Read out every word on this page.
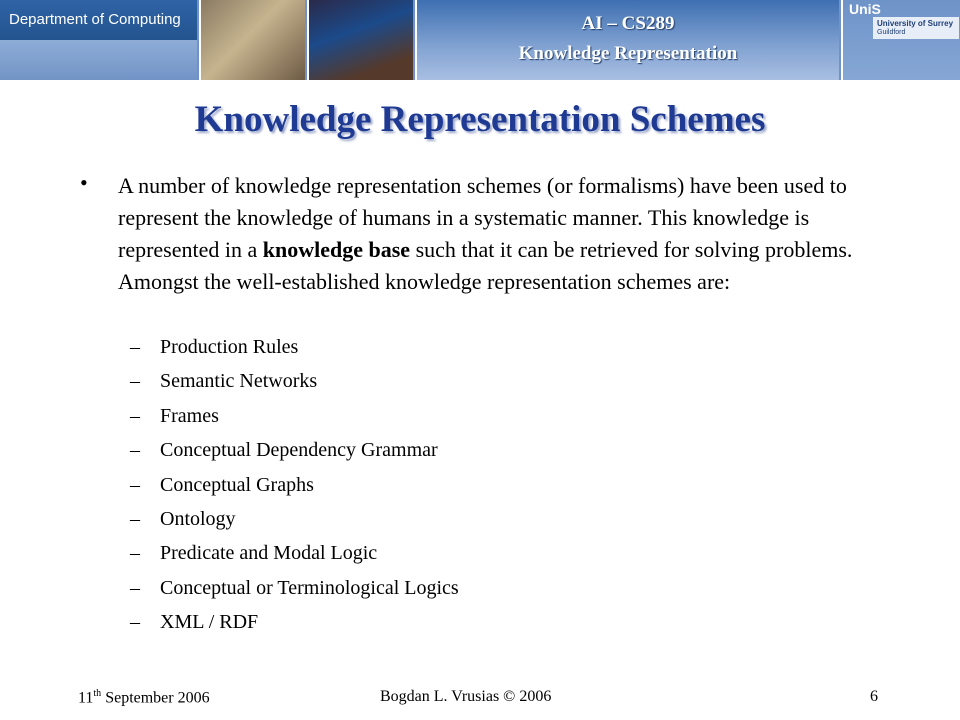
Department of Computing	AI – CS289
Knowledge Representation
UniS
University of Surrey
Guildford
Knowledge Representation Schemes
• A number of knowledge representation schemes (or formalisms) have been used to represent the knowledge of humans in a systematic manner. This knowledge is represented in a knowledge base such that it can be retrieved for solving problems. Amongst the well-established knowledge representation schemes are:
– Production Rules
– Semantic Networks
– Frames
– Conceptual Dependency Grammar
– Conceptual Graphs
– Ontology
– Predicate and Modal Logic
– Conceptual or Terminological Logics
– XML / RDF
11th September 2006	Bogdan L. Vrusias © 2006	6
